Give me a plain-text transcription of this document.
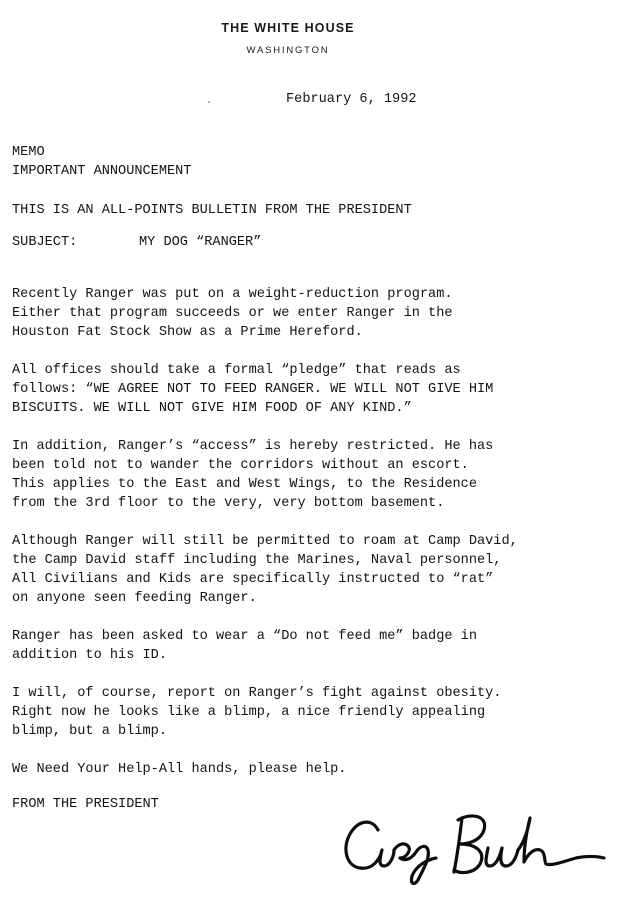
THE WHITE HOUSE
WASHINGTON
February 6, 1992
MEMO
IMPORTANT ANNOUNCEMENT
THIS IS AN ALL-POINTS BULLETIN FROM THE PRESIDENT
SUBJECT:	MY DOG “RANGER”
Recently Ranger was put on a weight-reduction program.
Either that program succeeds or we enter Ranger in the
Houston Fat Stock Show as a Prime Hereford.
All offices should take a formal “pledge” that reads as
follows: “WE AGREE NOT TO FEED RANGER. WE WILL NOT GIVE HIM
BISCUITS. WE WILL NOT GIVE HIM FOOD OF ANY KIND.”
In addition, Ranger’s “access” is hereby restricted. He has
been told not to wander the corridors without an escort.
This applies to the East and West Wings, to the Residence
from the 3rd floor to the very, very bottom basement.
Although Ranger will still be permitted to roam at Camp David,
the Camp David staff including the Marines, Naval personnel,
All Civilians and Kids are specifically instructed to “rat”
on anyone seen feeding Ranger.
Ranger has been asked to wear a “Do not feed me” badge in
addition to his ID.
I will, of course, report on Ranger’s fight against obesity.
Right now he looks like a blimp, a nice friendly appealing
blimp, but a blimp.
We Need Your Help-All hands, please help.
FROM THE PRESIDENT
